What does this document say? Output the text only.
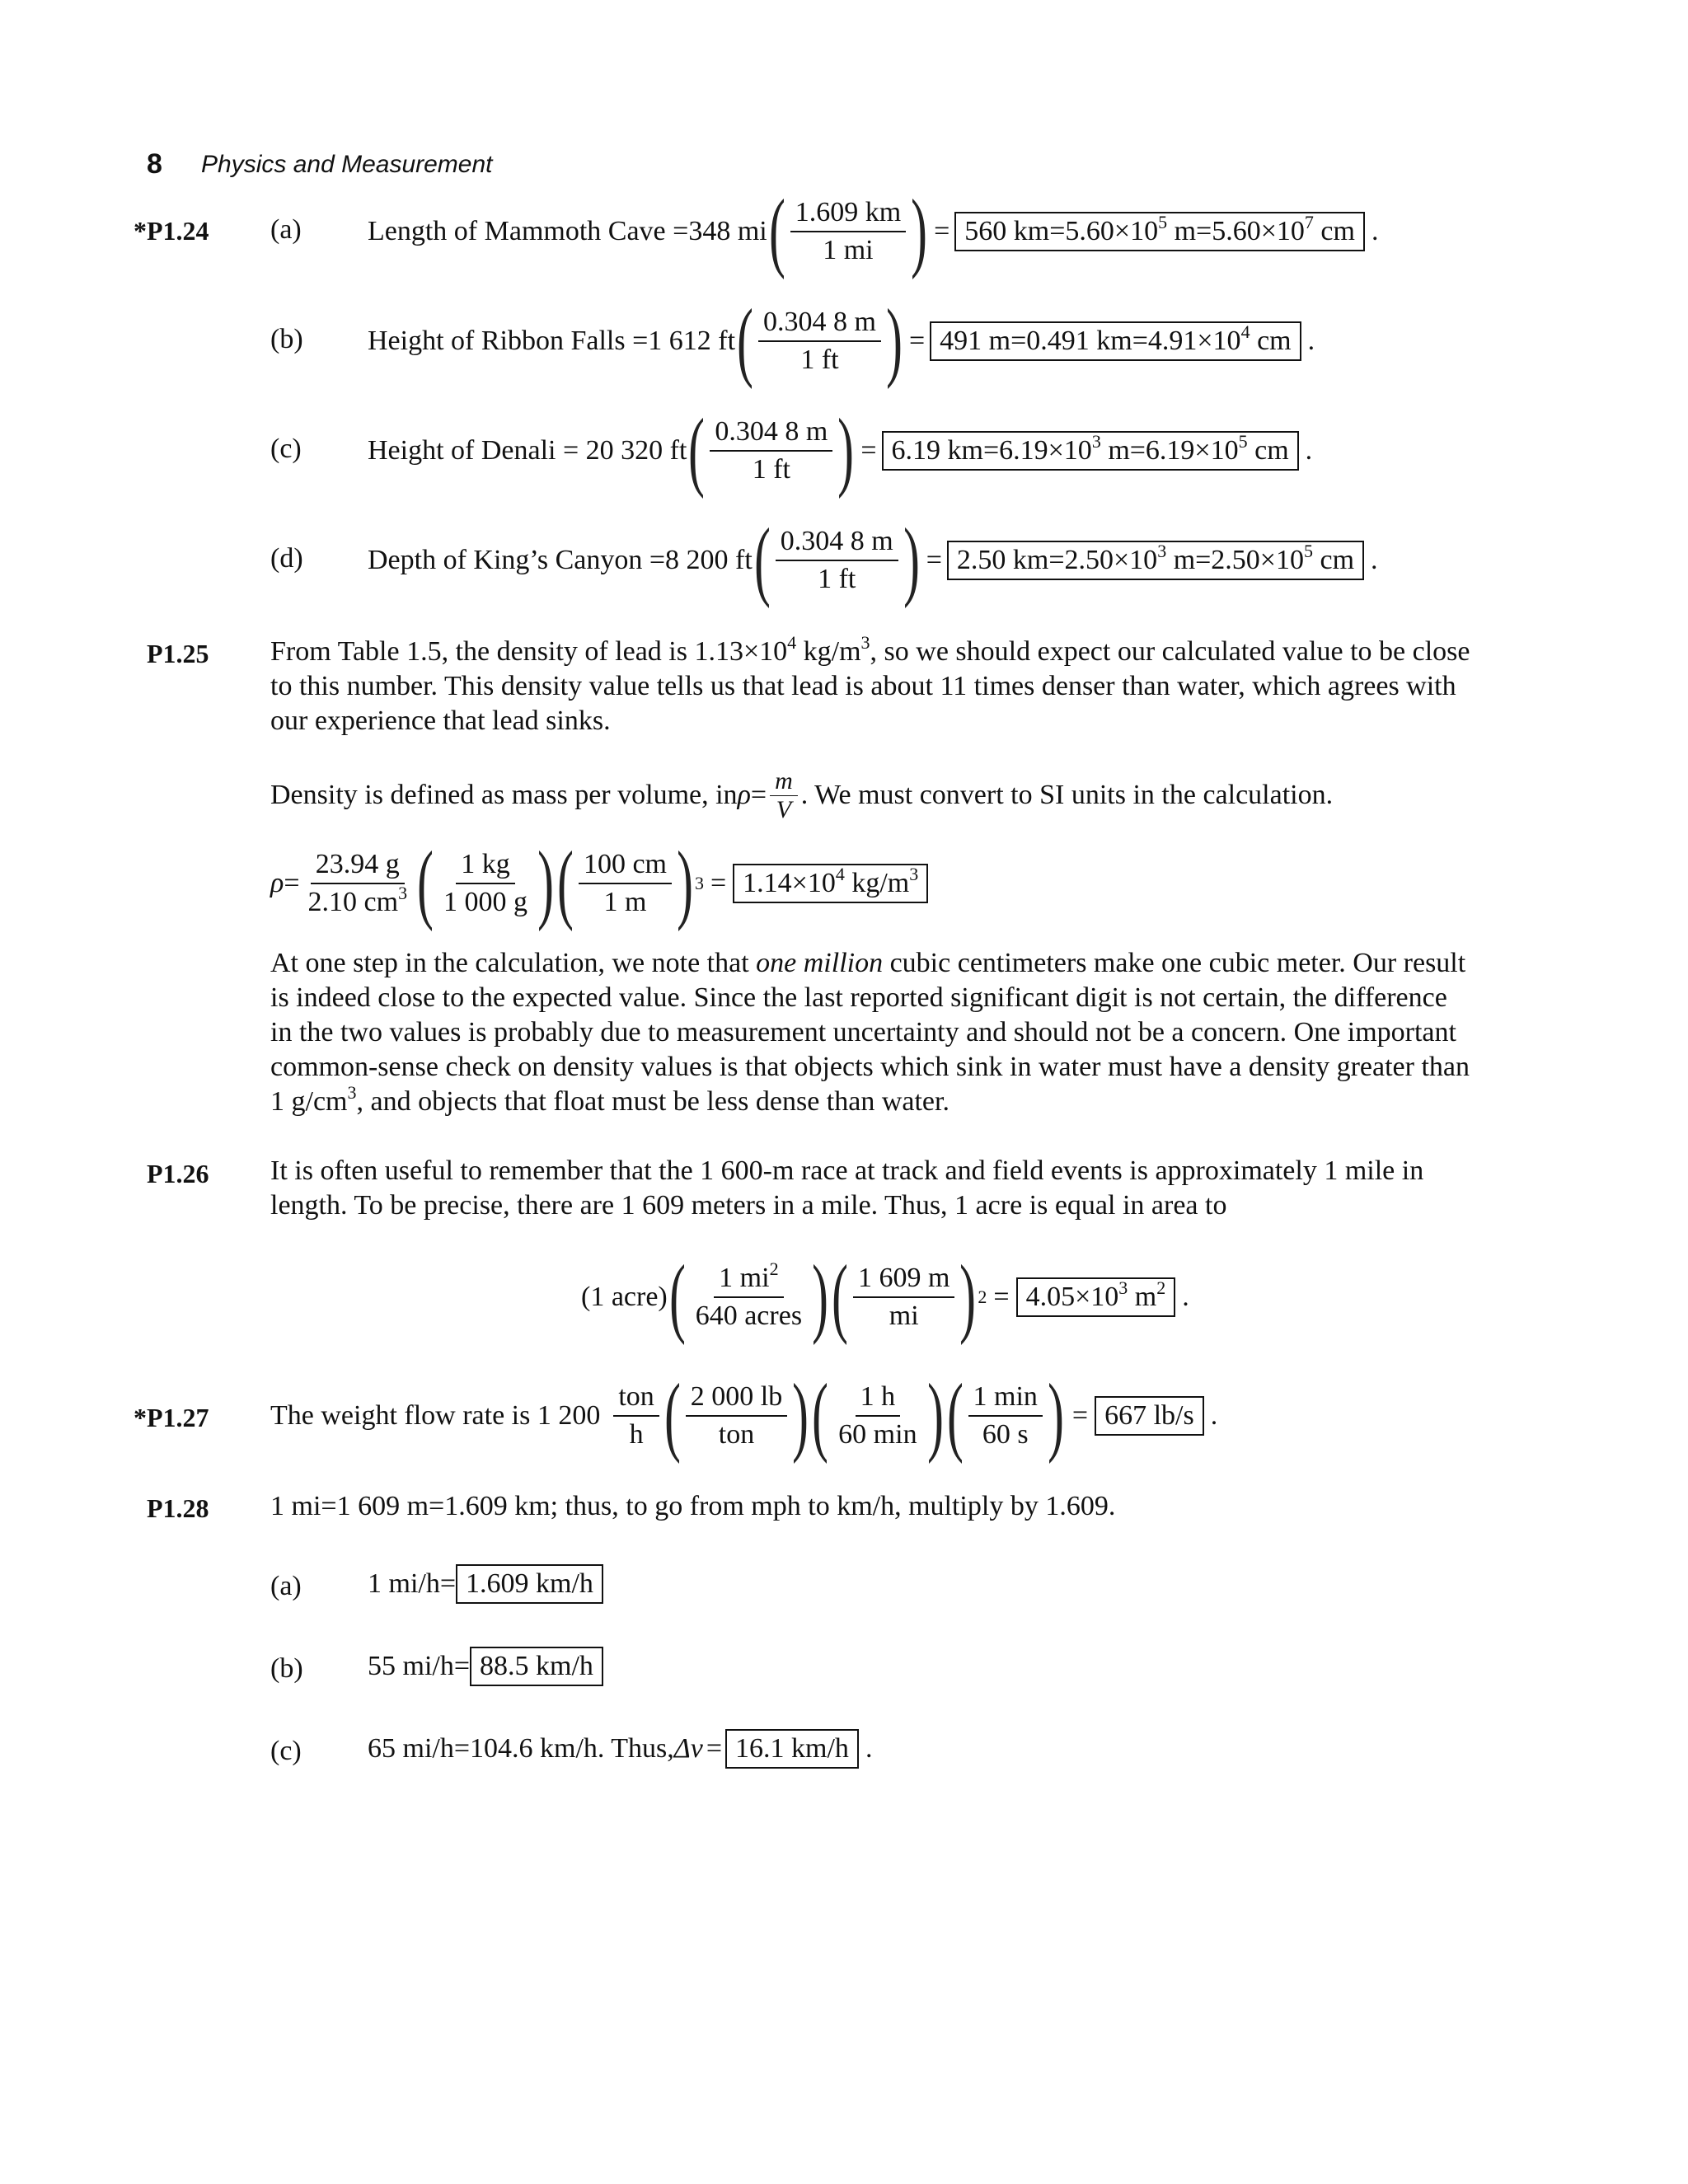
8 Physics and Measurement
*P1.24 (a) Length of Mammoth Cave =348 mi ( $\frac{1.609 km}{1 mi}$ ) = 560 $km=5.60\times 10^5$ $m=5.60\times 10^7$ cm .
(b) Height of Ribbon Falls =1 612 ft ( $\frac{0.304 8 m}{1 ft}$ ) = 491 m=0.491 $km=4.91\times 10^4$ cm .
(c) Height of Denali = 20 320 ft ( $\frac{0.304 8 m}{1 ft}$ ) = 6.19 $km=6.19\times 10^3$ $m=6.19\times 10^5$ cm .
(d) Depth of King’s Canyon =8 200 ft ( $\frac{0.304 8 m}{1 ft}$ ) = 2.50 $km=2.50\times 10^3$ $m=2.50\times 10^5$ cm .
P1.25 From Table 1.5, the density of lead is $1.13\times 10^4$ $kg/m^3$, so we should expect our calculated value to be close to this number. This density value tells us that lead is about 11 times denser than water, which agrees with our experience that lead sinks.
Density is defined as mass per volume, in $\rho = \frac{m}{V}$ . We must convert to SI units in the calculation.
$\rho = \frac{23.94 g}{2.10 cm^3}$ ( $\frac{1 kg}{1 000 g}$ ) ( $\frac{100 cm}{1 m}$ ) $3 = 1.14\times 10^4$ $kg/m^3$
At one step in the calculation, we note that one million cubic centimeters make one cubic meter. Our result is indeed close to the expected value. Since the last reported significant digit is not certain, the difference in the two values is probably due to measurement uncertainty and should not be a concern. One important common-sense check on density values is that objects which sink in water must have a density greater than 1 $g/cm^3$, and objects that float must be less dense than water.
P1.26 It is often useful to remember that the 1 600-m race at track and field events is approximately 1 mile in length. To be precise, there are 1 609 meters in a mile. Thus, 1 acre is equal in area to
(1 acre) ( $\frac{1 mi^2}{\text{640 acres}}$ ) ( $\frac{1 609 m}{mi}$ ) $2 = 4.05\times 10^3$ $m^2$ .
*P1.27 The weight flow rate is 1 $200 \frac{\text{ton}}{h}$ ( $\frac{2 000 lb}{\text{ton}}$ ) ( $\frac{1 h}{60 \min}$ ) ( $\frac{1 \min}{60 s}$ ) = 667 lb/s .
P1.28 1 mi=1 609 m=1.609 km; thus, to go from mph to km/h, multiply by 1.609.
(a) 1 mi/h= 1.609 km/h
(b) 55 mi/h= 88.5 km/h
(c) 65 mi/h=104.6 km/h. Thus, Δv = 16.1 km/h .
